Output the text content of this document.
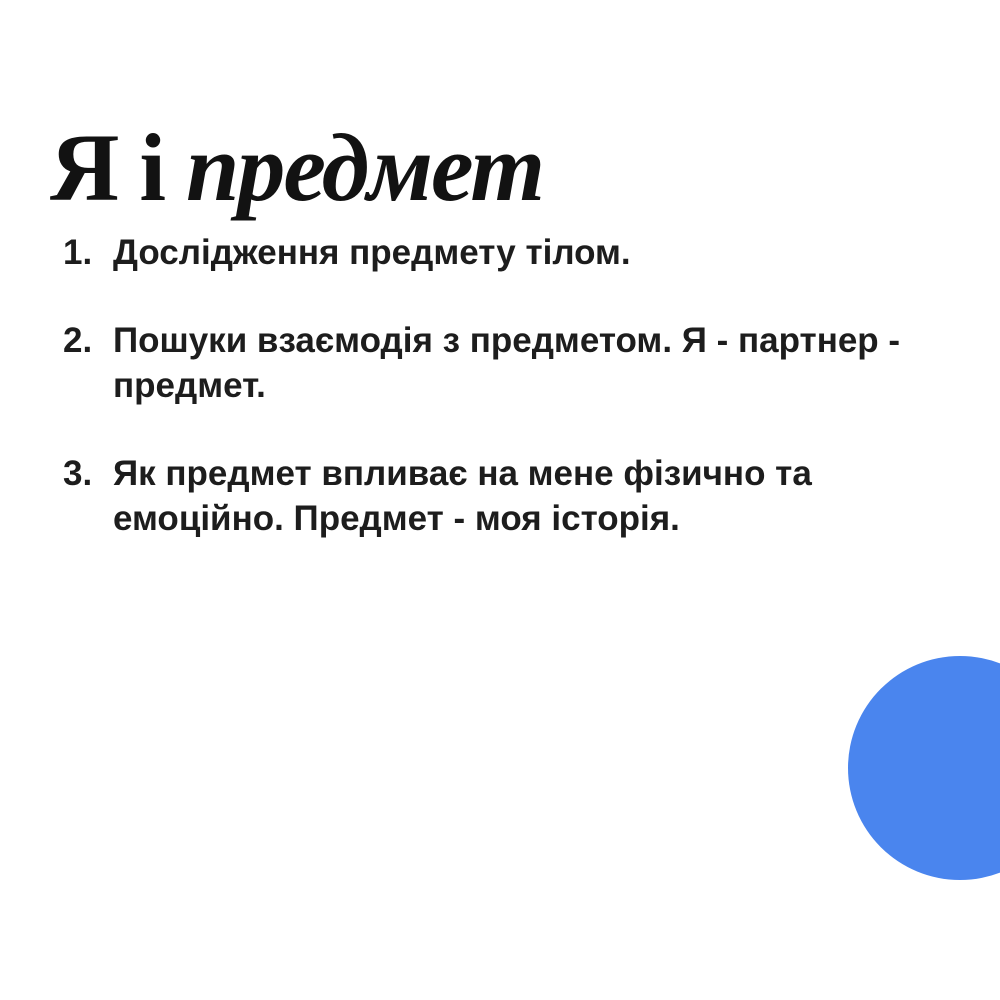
Я і предмет
1. Дослідження предмету тілом.
2. Пошуки взаємодія з предметом. Я - партнер - предмет.
3. Як предмет впливає на мене фізично та емоційно. Предмет - моя історія.
